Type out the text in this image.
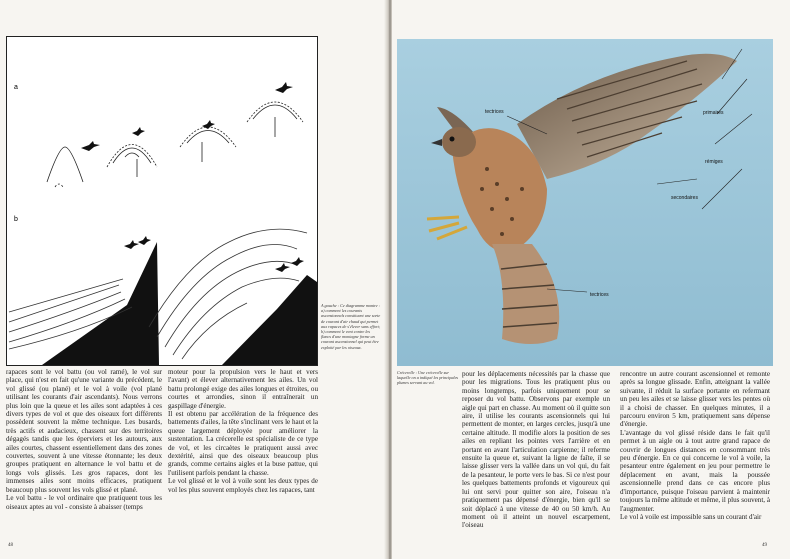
a
b
A gauche : Ce diagramme montre : a) comment les courants ascensionnels constituent une sorte de courant d'air chaud qui permet aux rapaces de s'élever sans effort; b) comment le vent contre les flancs d'une montagne forme un courant ascensionnel qui peut être exploité par les oiseaux.

rapaces sont le vol battu (ou vol ramé), le vol sur place, qui n'est en fait qu'une variante du précédent, le vol glissé (ou plané) et le vol à voile (vol plané utilisant les courants d'air ascendants). Nous verrons plus loin que la queue et les ailes sont adaptées à ces divers types de vol et que des oiseaux fort différents possèdent souvent la même technique. Les busards, très actifs et audacieux, chassent sur des territoires dégagés tandis que les éperviers et les autours, aux ailes courtes, chassent essentiellement dans des zones couvertes, souvent à une vitesse étonnante; les deux groupes pratiquent en alternance le vol battu et de longs vols glissés. Les gros rapaces, dont les immenses ailes sont moins efficaces, pratiquent beaucoup plus souvent les vols glissé et plané.

Le vol battu - le vol ordinaire que pratiquent tous les oiseaux aptes au vol - consiste à abaisser (temps

moteur pour la propulsion vers le haut et vers l'avant) et élever alternativement les ailes. Un vol battu prolongé exige des ailes longues et étroites, ou courtes et arrondies, sinon il entraînerait un gaspillage d'énergie.

Il est obtenu par accélération de la fréquence des battements d'ailes, la tête s'inclinant vers le haut et la queue largement déployée pour améliorer la sustentation. La crécerelle est spécialiste de ce type de vol, et les circaètes le pratiquent aussi avec dextérité, ainsi que des oiseaux beaucoup plus grands, comme certains aigles et la buse pattue, qui l'utilisent parfois pendant la chasse.

Le vol glissé et le vol à voile sont les deux types de vol les plus souvent employés chez les rapaces, tant

48
tectrices	primaires
rémiges
secondaires
tectrices
Crécerelle : Une crécerelle sur laquelle on a indiqué les principales plumes servant au vol.

pour les déplacements nécessités par la chasse que pour les migrations. Tous les pratiquent plus ou moins longtemps, parfois uniquement pour se reposer du vol battu. Observons par exemple un aigle qui part en chasse. Au moment où il quitte son aire, il utilise les courants ascensionnels qui lui permettent de monter, en larges cercles, jusqu'à une certaine altitude. Il modifie alors la position de ses ailes en repliant les pointes vers l'arrière et en portant en avant l'articulation carpienne; il referme ensuite la queue et, suivant la ligne de faîte, il se laisse glisser vers la vallée dans un vol qui, du fait de la pesanteur, le porte vers le bas. Si ce n'est pour les quelques battements profonds et vigoureux qui lui ont servi pour quitter son aire, l'oiseau n'a pratiquement pas dépensé d'énergie, bien qu'il se soit déplacé à une vitesse de 40 ou 50 km/h. Au moment où il atteint un nouvel escarpement, l'oiseau

rencontre un autre courant ascensionnel et remonte après sa longue glissade. Enfin, atteignant la vallée suivante, il réduit la surface portante en refermant un peu les ailes et se laisse glisser vers les pentes où il a choisi de chasser. En quelques minutes, il a parcouru environ 5 km, pratiquement sans dépense d'énergie.

L'avantage du vol glissé réside dans le fait qu'il permet à un aigle ou à tout autre grand rapace de couvrir de longues distances en consommant très peu d'énergie. En ce qui concerne le vol à voile, la pesanteur entre également en jeu pour permettre le déplacement en avant, mais la poussée ascensionnelle prend dans ce cas encore plus d'importance, puisque l'oiseau parvient à maintenir toujours la même altitude et même, il plus souvent, à l'augmenter.

Le vol à voile est impossible sans un courant d'air

49
